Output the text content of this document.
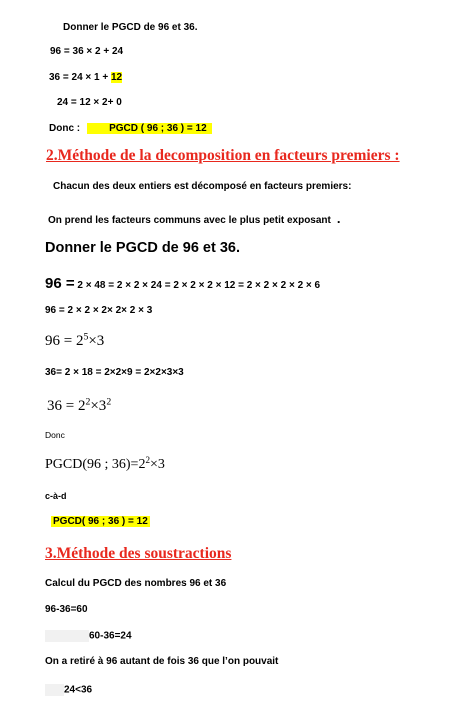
Donner le PGCD de 96 et 36.
96 = 36 × 2 + 24
36 = 24 × 1 + 12
24 = 12 × 2+ 0
Donc :	PGCD ( 96 ; 36 ) = 12
2.Méthode de la decomposition en facteurs premiers :
Chacun des deux entiers est décomposé en facteurs premiers:
On prend les facteurs communs avec le plus petit exposant .
Donner le PGCD de 96 et 36.
96 = 2 × 48 = 2 × 2 × 24 = 2 × 2 × 2 × 12 = 2 × 2 × 2 × 2 × 6
96 = 2 × 2 × 2× 2× 2 × 3
$96 = 2^5\times 3$
36= 2 × 18 = 2×2×9 = 2×2×3×3
$36 = 2^2\times 3^2$
Donc
PGCD(96 ; $36)=2^2\times 3$
c-à-d
PGCD( 96 ; 36 ) = 12
3.Méthode des soustractions
Calcul du PGCD des nombres 96 et 36
96-36=60
60-36=24
On a retiré à 96 autant de fois 36 que l’on pouvait
24<36
